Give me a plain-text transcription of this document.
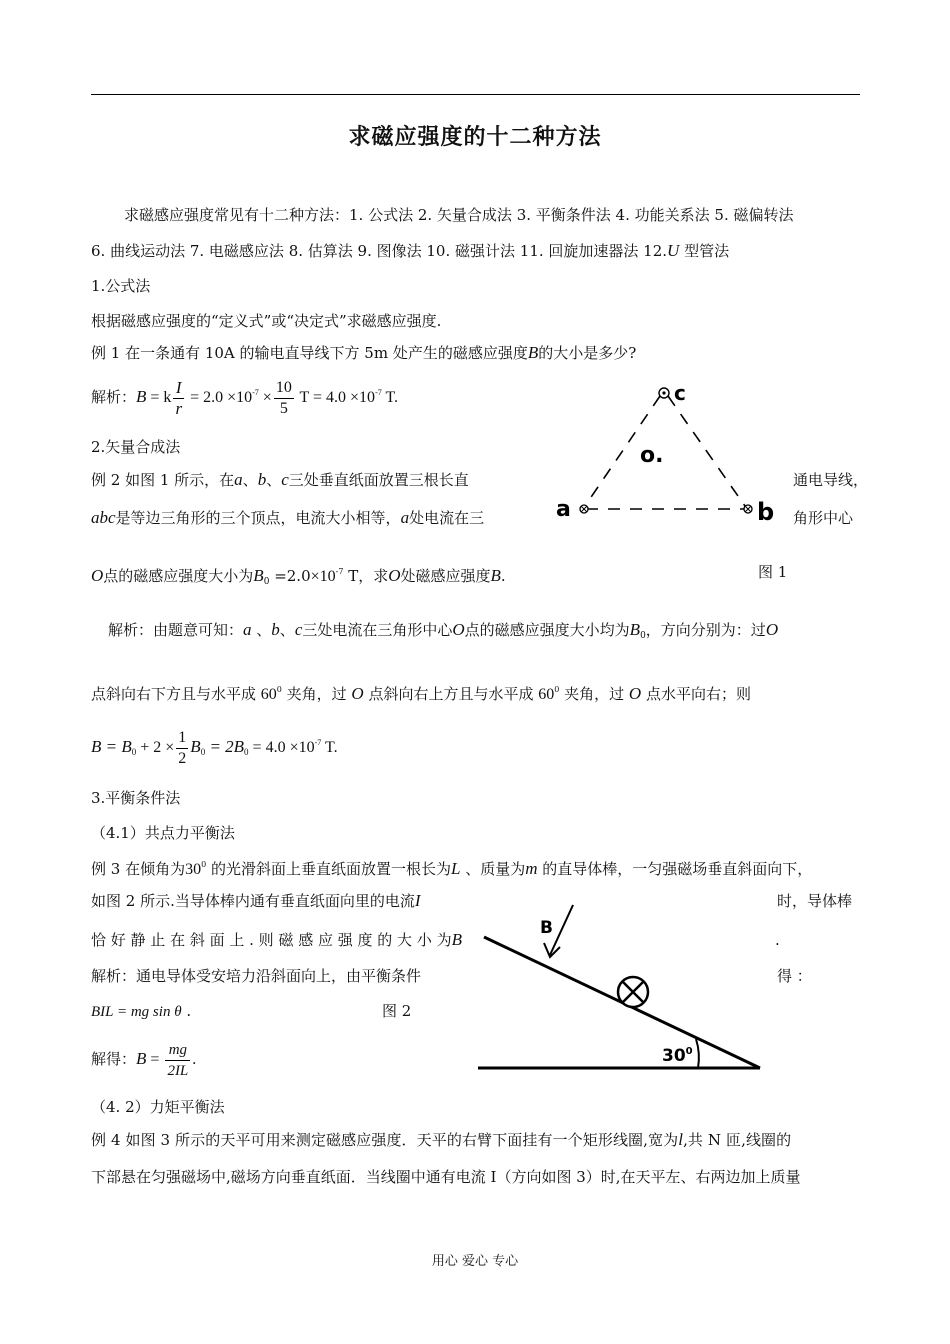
求磁应强度的十二种方法
求磁感应强度常见有十二种方法：1. 公式法 2. 矢量合成法 3. 平衡条件法 4. 功能关系法 5. 磁偏转法
6. 曲线运动法 7. 电磁感应法 8. 估算法 9. 图像法 10. 磁强计法 11. 回旋加速器法 12.U 型管法
1.公式法
根据磁感应强度的“定义式”或“决定式”求磁感应强度.
例 1 在一条通有 10A 的输电直导线下方 5m 处产生的磁感应强度B的大小是多少?
解析：B = k $\frac{I}{r} = 2.0 \times 10^{-7} \times \frac{10}{5}$ $T = 4.0 \times 10^{-7}$ T.	c
o.
a	b
2.矢量合成法
例 2 如图 1 所示，在a、b、c三处垂直纸面放置三根长直	通电导线，
abc是等边三角形的三个顶点，电流大小相等，a处电流在三	角形中心
O点的磁感应强度大小为$B_0 =2.0\times 10^{-7}$ T，求O处磁感应强度B.	图 1
解析：由题意可知：a 、b、c三处电流在三角形中心O点的磁感应强度大小均为$B_0$，方向分别为：过O
点斜向右下方且与水平成 $60^0$ 夹角，过 O 点斜向右上方且与水平成 $60^0$ 夹角，过 O 点水平向右；则
$B = B_0 + 2 \times \frac{1}{2} B_0 = 2B_0 = 4.0 \times 10^{-7}$ T.
3.平衡条件法
（4.1）共点力平衡法
例 3 在倾角为$30^0$ 的光滑斜面上垂直纸面放置一根长为L 、质量为m 的直导体棒，一匀强磁场垂直斜面向下，
如图 2 所示.当导体棒内通有垂直纸面向里的电流I	时，导体棒
恰 好 静 止 在 斜 面 上 . 则 磁 感 应 强 度 的 大 小 为B	.
解析：通电导体受安培力沿斜面向上，由平衡条件	得 ：
BIL = mg sin θ .	图 2
解得：$B = \frac{mg}{2IL}$ .
B
$30^0$
（4. 2）力矩平衡法
例 4 如图 3 所示的天平可用来测定磁感应强度．天平的右臂下面挂有一个矩形线圈,宽为l,共 N 匝,线圈的
下部悬在匀强磁场中,磁场方向垂直纸面．当线圈中通有电流 I（方向如图 3）时,在天平左、右两边加上质量
用心 爱心 专心
